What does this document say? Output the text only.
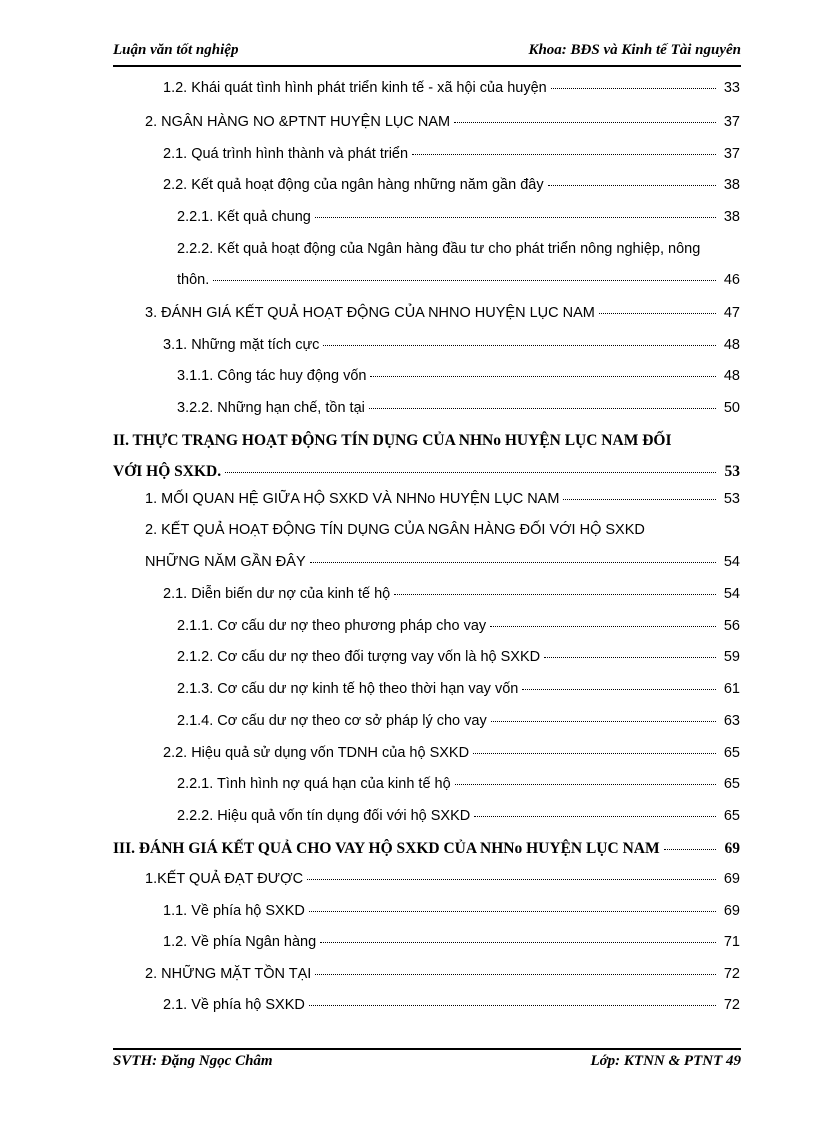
Luận văn tốt nghiệp	Khoa: BĐS và Kinh tế Tài nguyên
1.2. Khái quát tình hình phát triển kinh tế - xã hội của huyện	33
2. NGÂN HÀNG NO &PTNT HUYỆN LỤC NAM	37
2.1. Quá trình hình thành và phát triển	37
2.2. Kết quả hoạt động của ngân hàng những năm gần đây	38
2.2.1. Kết quả chung	38
2.2.2. Kết quả hoạt động của Ngân hàng đầu tư cho phát triển nông nghiệp, nông
thôn.	46
3. ĐÁNH GIÁ KẾT QUẢ HOẠT ĐỘNG CỦA NHNO HUYỆN LỤC NAM	47
3.1. Những mặt tích cực	48
3.1.1. Công tác huy động vốn	48
3.2.2. Những hạn chế, tồn tại	50
II. THỰC TRẠNG HOẠT ĐỘNG TÍN DỤNG CỦA NHNo HUYỆN LỤC NAM ĐỐI
VỚI HỘ SXKD.	53
1. MỐI QUAN HỆ GIỮA HỘ SXKD VÀ NHNo HUYỆN LỤC NAM	53
2. KẾT QUẢ HOẠT ĐỘNG TÍN DỤNG CỦA NGÂN HÀNG ĐỐI VỚI HỘ SXKD
NHỮNG NĂM GẦN ĐÂY	54
2.1. Diễn biến dư nợ của kinh tế hộ	54
2.1.1. Cơ cấu dư nợ theo phương pháp cho vay	56
2.1.2. Cơ cấu dư nợ theo đối tượng vay vốn là hộ SXKD	59
2.1.3. Cơ cấu dư nợ kinh tế hộ theo thời hạn vay vốn	61
2.1.4. Cơ cấu dư nợ theo cơ sở pháp lý cho vay	63
2.2. Hiệu quả sử dụng vốn TDNH của hộ SXKD	65
2.2.1. Tình hình nợ quá hạn của kinh tế hộ	65
2.2.2. Hiệu quả vốn tín dụng đối với hộ SXKD	65
III. ĐÁNH GIÁ KẾT QUẢ CHO VAY HỘ SXKD CỦA NHNo HUYỆN LỤC NAM	69
1.KẾT QUẢ ĐẠT ĐƯỢC	69
1.1. Về phía hộ SXKD	69
1.2. Về phía Ngân hàng	71
2. NHỮNG MẶT TỒN TẠI	72
2.1. Về phía hộ SXKD	72
SVTH: Đặng Ngọc Châm	Lớp: KTNN & PTNT 49
